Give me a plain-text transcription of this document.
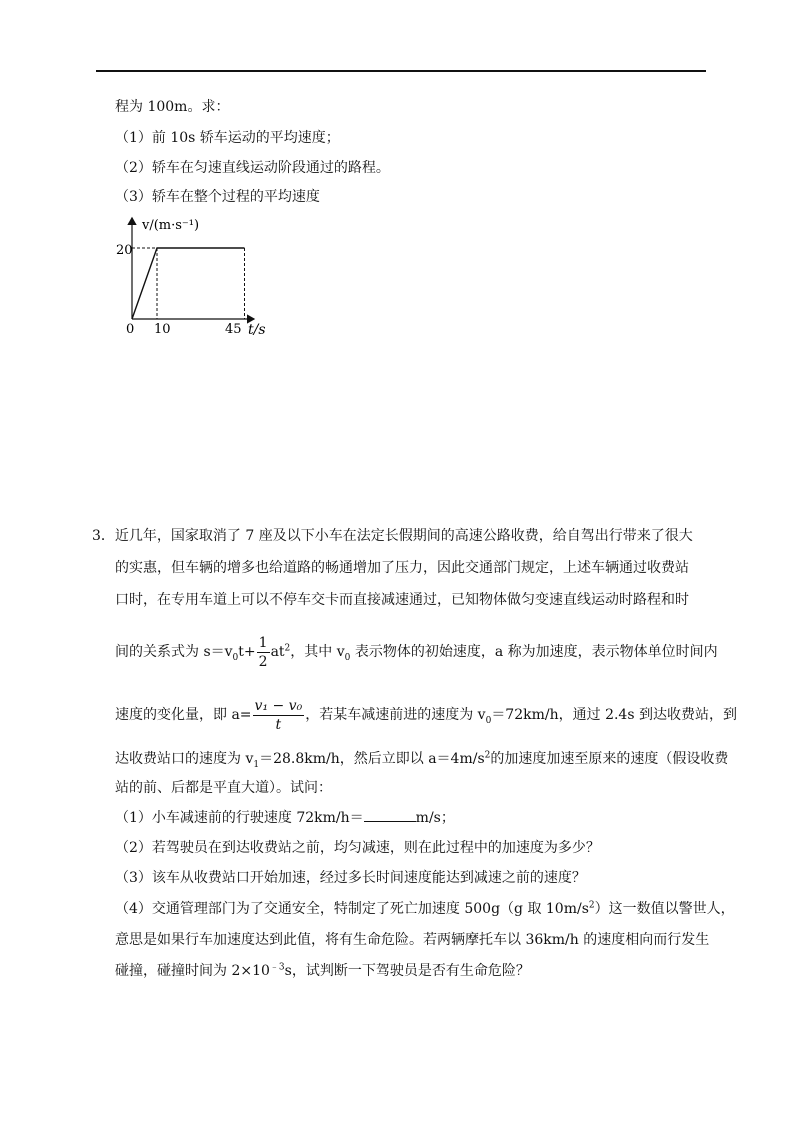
程为 100m。求：
（1）前 10s 轿车运动的平均速度；
（2）轿车在匀速直线运动阶段通过的路程。
（3）轿车在整个过程的平均速度
v/(m·s⁻¹)
20
0 10	45 t/s
3．近几年，国家取消了 7 座及以下小车在法定长假期间的高速公路收费，给自驾出行带来了很大
的实惠，但车辆的增多也给道路的畅通增加了压力，因此交通部门规定，上述车辆通过收费站
口时，在专用车道上可以不停车交卡而直接减速通过，已知物体做匀变速直线运动时路程和时
间的关系式为 $s=v_0t+ \frac{1}{2} at^2$，其中 $v_0$ 表示物体的初始速度，a 称为加速度，表示物体单位时间内
速度的变化量，即 $a= \frac{\text{v₁ − v₀}}{t}$ ，若某车减速前进的速度为 $v_0=72km/h$，通过 2.4s 到达收费站，到
达收费站口的速度为 $v_1=28.8km/h$，然后立即以 $a=4m/s^2$的加速度加速至原来的速度（假设收费
站的前、后都是平直大道）。试问：
（1）小车减速前的行驶速度 72km/h＝	m/s；
（2）若驾驶员在到达收费站之前，均匀减速，则在此过程中的加速度为多少？
（3）该车从收费站口开始加速，经过多长时间速度能达到减速之前的速度？
（4）交通管理部门为了交通安全，特制定了死亡加速度 500g（g 取 $10m/s^2$）这一数值以警世人，
意思是如果行车加速度达到此值，将有生命危险。若两辆摩托车以 36km/h 的速度相向而行发生
碰撞，碰撞时间为 $2\times 10^{﹣3}s$，试判断一下驾驶员是否有生命危险？
